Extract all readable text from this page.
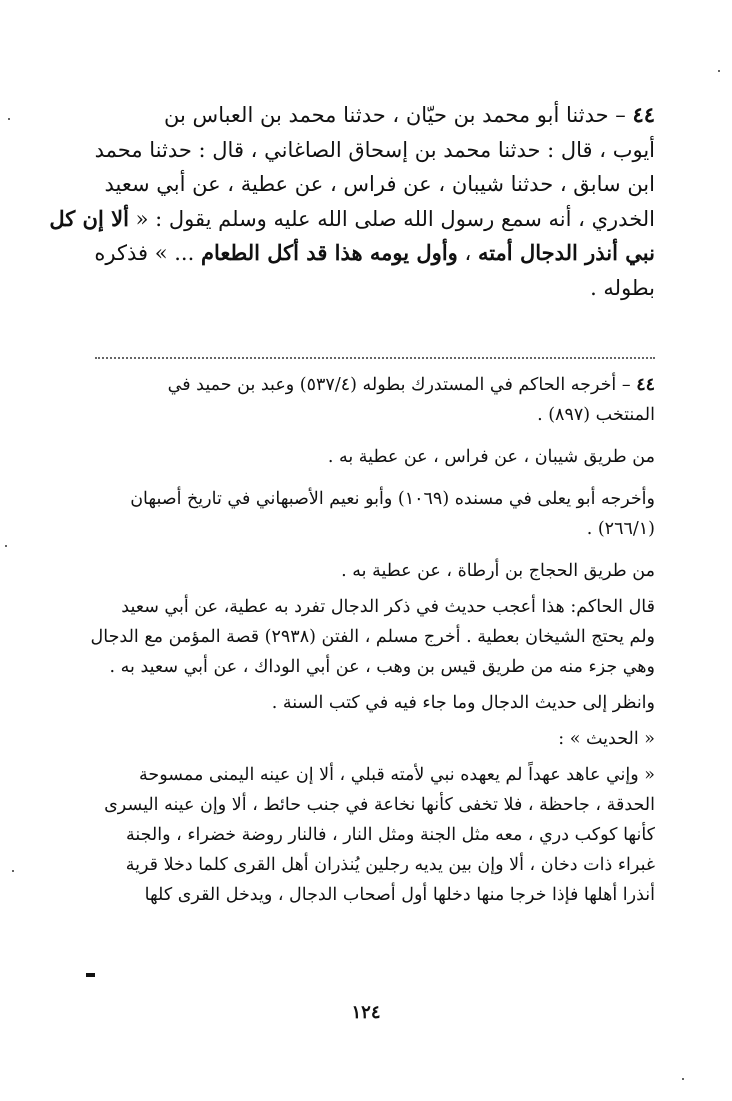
٤٤ – حدثنا أبو محمد بن حيّان ، حدثنا محمد بن العباس بن
أيوب ، قال : حدثنا محمد بن إسحاق الصاغاني ، قال : حدثنا محمد
ابن سابق ، حدثنا شيبان ، عن فراس ، عن عطية ، عن أبي سعيد
الخدري ، أنه سمع رسول الله صلى الله عليه وسلم يقول : « ألا إن كل
نبي أنذر الدجال أمته ، وأول يومه هذا قد أكل الطعام ... » فذكره
بطوله .
٤٤ – أخرجه الحاكم في المستدرك بطوله (٥٣٧/٤) وعبد بن حميد في
المنتخب (٨٩٧) .
من طريق شيبان ، عن فراس ، عن عطية به .
وأخرجه أبو يعلى في مسنده (١٠٦٩) وأبو نعيم الأصبهاني في تاريخ أصبهان
(٢٦٦/١) .
من طريق الحجاج بن أرطاة ، عن عطية به .
قال الحاكم: هذا أعجب حديث في ذكر الدجال تفرد به عطية، عن أبي سعيد
ولم يحتج الشيخان بعطية . أخرج مسلم ، الفتن (٢٩٣٨) قصة المؤمن مع الدجال
وهي جزء منه من طريق قيس بن وهب ، عن أبي الوداك ، عن أبي سعيد به .
وانظر إلى حديث الدجال وما جاء فيه في كتب السنة .
« الحديث » :
« وإني عاهد عهداً لم يعهده نبي لأمته قبلي ، ألا إن عينه اليمنى ممسوحة
الحدقة ، جاحظة ، فلا تخفى كأنها نخاعة في جنب حائط ، ألا وإن عينه اليسرى
كأنها كوكب دري ، معه مثل الجنة ومثل النار ، فالنار روضة خضراء ، والجنة
غبراء ذات دخان ، ألا وإن بين يديه رجلين يُنذران أهل القرى كلما دخلا قرية
أنذرا أهلها فإذا خرجا منها دخلها أول أصحاب الدجال ، ويدخل القرى كلها
١٢٤
